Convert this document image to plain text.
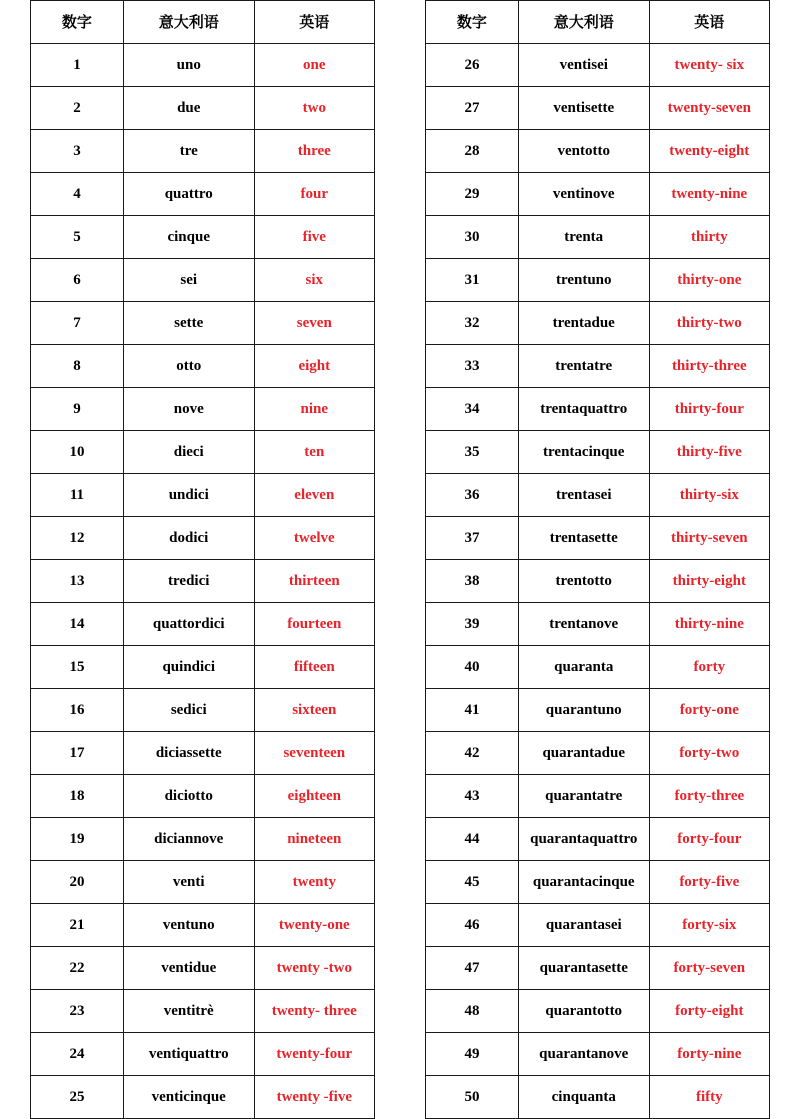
数字	意大利语	英语
1	uno	one
2	due	two
3	tre	three
4	quattro	four
5	cinque	five
6	sei	six
7	sette	seven
8	otto	eight
9	nove	nine
10	dieci	ten
11	undici	eleven
12	dodici	twelve
13	tredici	thirteen
14	quattordici	fourteen
15	quindici	fifteen
16	sedici	sixteen
17	diciassette	seventeen
18	diciotto	eighteen
19	diciannove	nineteen
20	venti	twenty
21	ventuno	twenty-one
22	ventidue	twenty -two
23	ventitrè	twenty- three
24	ventiquattro	twenty-four
25	venticinque	twenty -five
数字	意大利语	英语
26	ventisei	twenty- six
27	ventisette	twenty-seven
28	ventotto	twenty-eight
29	ventinove	twenty-nine
30	trenta	thirty
31	trentuno	thirty-one
32	trentadue	thirty-two
33	trentatre	thirty-three
34	trentaquattro	thirty-four
35	trentacinque	thirty-five
36	trentasei	thirty-six
37	trentasette	thirty-seven
38	trentotto	thirty-eight
39	trentanove	thirty-nine
40	quaranta	forty
41	quarantuno	forty-one
42	quarantadue	forty-two
43	quarantatre	forty-three
44	quarantaquattro	forty-four
45	quarantacinque	forty-five
46	quarantasei	forty-six
47	quarantasette	forty-seven
48	quarantotto	forty-eight
49	quarantanove	forty-nine
50	cinquanta	fifty
